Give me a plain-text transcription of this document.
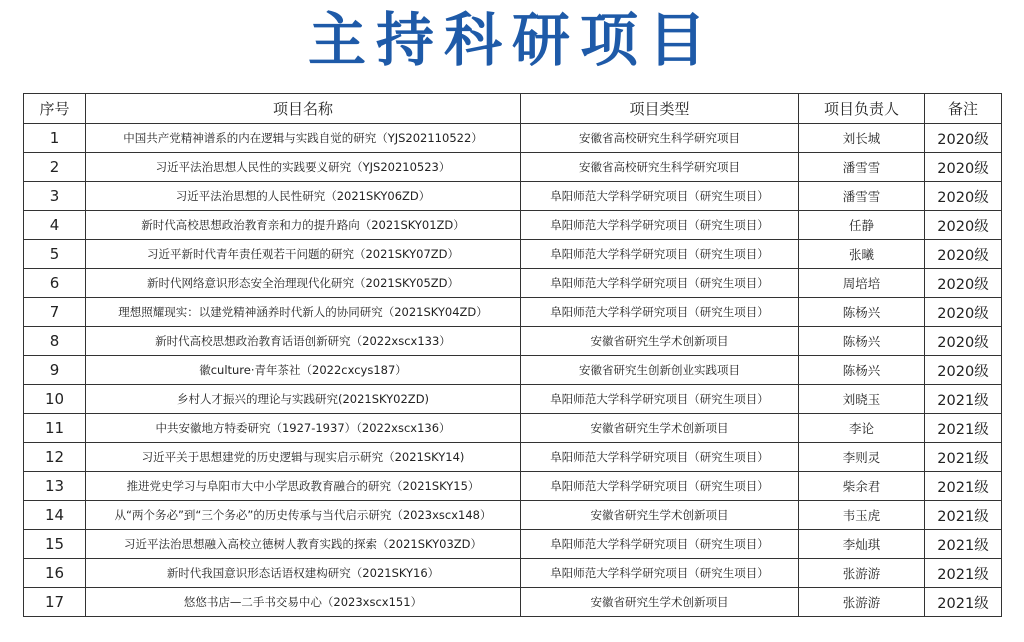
主持科研项目
序号	项目名称	项目类型	项目负责人	备注
1	中国共产党精神谱系的内在逻辑与实践自觉的研究（YJS202110522）	安徽省高校研究生科学研究项目	刘长城	2020级
2	习近平法治思想人民性的实践要义研究（YJS20210523）	安徽省高校研究生科学研究项目	潘雪雪	2020级
3	习近平法治思想的人民性研究（2021SKY06ZD）	阜阳师范大学科学研究项目（研究生项目）	潘雪雪	2020级
4	新时代高校思想政治教育亲和力的提升路向（2021SKY01ZD）	阜阳师范大学科学研究项目（研究生项目）	任静	2020级
5	习近平新时代青年责任观若干问题的研究（2021SKY07ZD）	阜阳师范大学科学研究项目（研究生项目）	张曦	2020级
6	新时代网络意识形态安全治理现代化研究（2021SKY05ZD）	阜阳师范大学科学研究项目（研究生项目）	周培培	2020级
7	理想照耀现实：以建党精神涵养时代新人的协同研究（2021SKY04ZD）	阜阳师范大学科学研究项目（研究生项目）	陈杨兴	2020级
8	新时代高校思想政治教育话语创新研究（2022xscx133）	安徽省研究生学术创新项目	陈杨兴	2020级
9	徽culture·青年茶社（2022cxcys187）	安徽省研究生创新创业实践项目	陈杨兴	2020级
10	乡村人才振兴的理论与实践研究(2021SKY02ZD)	阜阳师范大学科学研究项目（研究生项目）	刘晓玉	2021级
11	中共安徽地方特委研究（1927-1937）（2022xscx136）	安徽省研究生学术创新项目	李论	2021级
12	习近平关于思想建党的历史逻辑与现实启示研究（2021SKY14)	阜阳师范大学科学研究项目（研究生项目）	李则灵	2021级
13	推进党史学习与阜阳市大中小学思政教育融合的研究（2021SKY15）	阜阳师范大学科学研究项目（研究生项目）	柴余君	2021级
14	从“两个务必”到“三个务必”的历史传承与当代启示研究（2023xscx148）	安徽省研究生学术创新项目	韦玉虎	2021级
15	习近平法治思想融入高校立德树人教育实践的探索（2021SKY03ZD）	阜阳师范大学科学研究项目（研究生项目）	李灿琪	2021级
16	新时代我国意识形态话语权建构研究（2021SKY16）	阜阳师范大学科学研究项目（研究生项目）	张游游	2021级
17	悠悠书店—二手书交易中心（2023xscx151）	安徽省研究生学术创新项目	张游游	2021级
